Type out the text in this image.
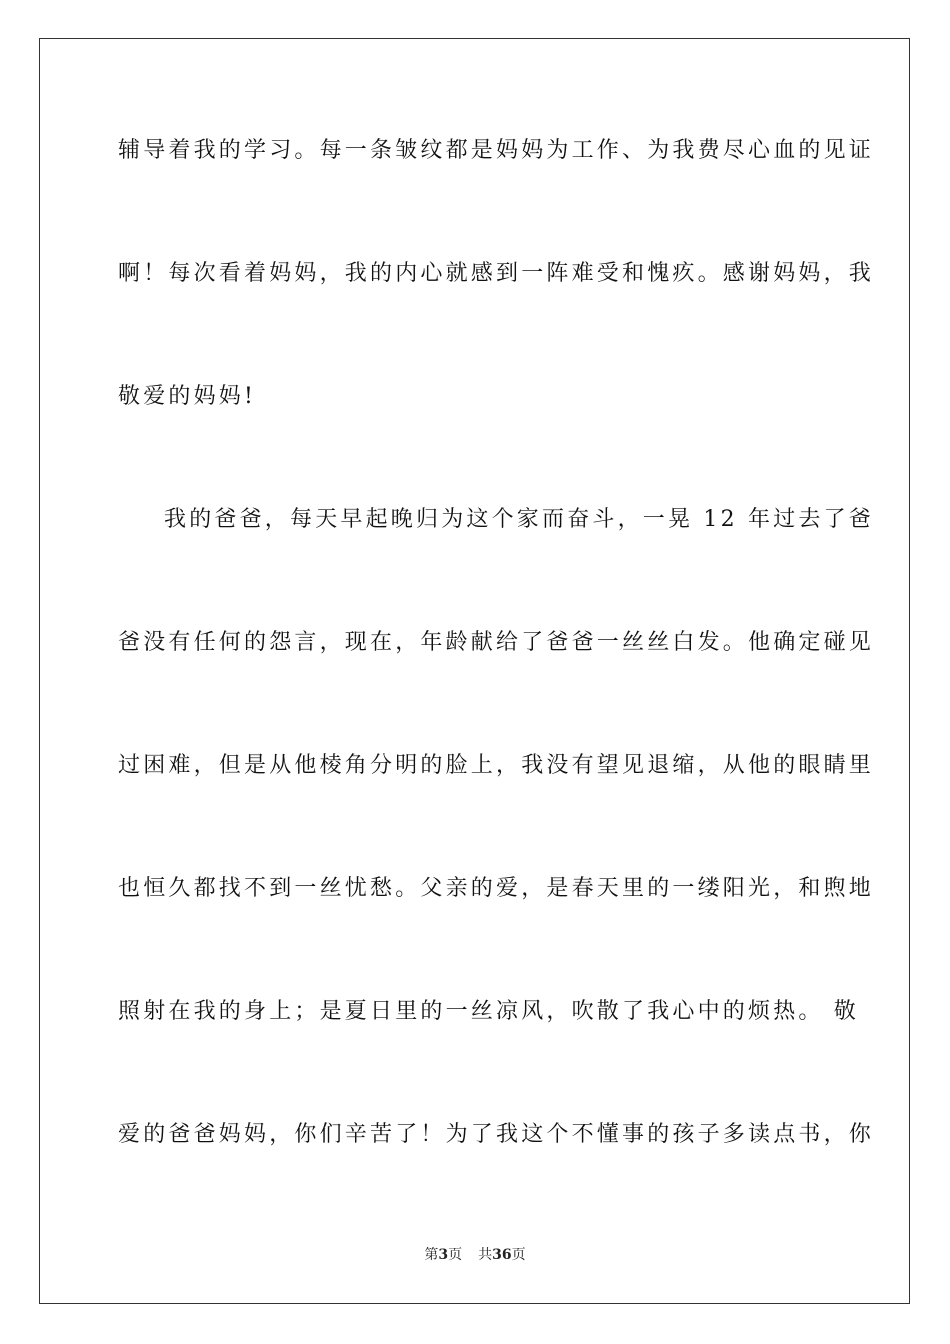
辅导着我的学习。每一条皱纹都是妈妈为工作、为我费尽心血的见证
啊！每次看着妈妈，我的内心就感到一阵难受和愧疚。感谢妈妈，我
敬爱的妈妈!
我的爸爸，每天早起晚归为这个家而奋斗，一晃 12 年过去了爸
爸没有任何的怨言，现在，年龄献给了爸爸一丝丝白发。他确定碰见
过困难，但是从他棱角分明的脸上，我没有望见退缩，从他的眼睛里
也恒久都找不到一丝忧愁。父亲的爱，是春天里的一缕阳光，和煦地
照射在我的身上；是夏日里的一丝凉风，吹散了我心中的烦热。 敬
爱的爸爸妈妈，你们辛苦了！为了我这个不懂事的孩子多读点书，你
第3页 共36页
